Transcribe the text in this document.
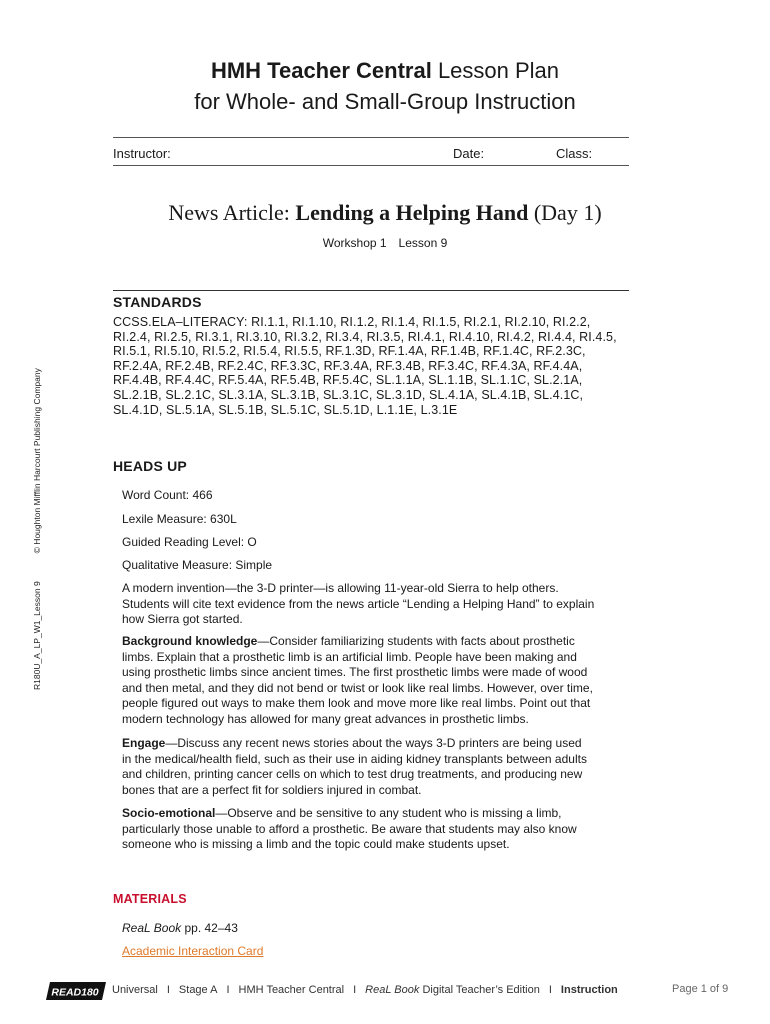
HMH Teacher Central Lesson Plan
for Whole- and Small-Group Instruction
Instructor:	Date:	Class:
News Article: Lending a Helping Hand (Day 1)
Workshop 1 Lesson 9
STANDARDS
CCSS.ELA–LITERACY: RI.1.1, RI.1.10, RI.1.2, RI.1.4, RI.1.5, RI.2.1, RI.2.10, RI.2.2,
RI.2.4, RI.2.5, RI.3.1, RI.3.10, RI.3.2, RI.3.4, RI.3.5, RI.4.1, RI.4.10, RI.4.2, RI.4.4, RI.4.5,
RI.5.1, RI.5.10, RI.5.2, RI.5.4, RI.5.5, RF.1.3D, RF.1.4A, RF.1.4B, RF.1.4C, RF.2.3C,
RF.2.4A, RF.2.4B, RF.2.4C, RF.3.3C, RF.3.4A, RF.3.4B, RF.3.4C, RF.4.3A, RF.4.4A,
RF.4.4B, RF.4.4C, RF.5.4A, RF.5.4B, RF.5.4C, SL.1.1A, SL.1.1B, SL.1.1C, SL.2.1A,
SL.2.1B, SL.2.1C, SL.3.1A, SL.3.1B, SL.3.1C, SL.3.1D, SL.4.1A, SL.4.1B, SL.4.1C,
SL.4.1D, SL.5.1A, SL.5.1B, SL.5.1C, SL.5.1D, L.1.1E, L.3.1E
HEADS UP
Word Count: 466
Lexile Measure: 630L
Guided Reading Level: O
Qualitative Measure: Simple
A modern invention—the 3-D printer—is allowing 11-year-old Sierra to help others.
Students will cite text evidence from the news article “Lending a Helping Hand” to explain
how Sierra got started.
Background knowledge—Consider familiarizing students with facts about prosthetic
limbs. Explain that a prosthetic limb is an artificial limb. People have been making and
using prosthetic limbs since ancient times. The first prosthetic limbs were made of wood
and then metal, and they did not bend or twist or look like real limbs. However, over time,
people figured out ways to make them look and move more like real limbs. Point out that
modern technology has allowed for many great advances in prosthetic limbs.
Engage—Discuss any recent news stories about the ways 3-D printers are being used
in the medical/health field, such as their use in aiding kidney transplants between adults
and children, printing cancer cells on which to test drug treatments, and producing new
bones that are a perfect fit for soldiers injured in combat.
Socio-emotional—Observe and be sensitive to any student who is missing a limb,
particularly those unable to afford a prosthetic. Be aware that students may also know
someone who is missing a limb and the topic could make students upset.
MATERIALS
ReaL Book pp. 42–43
Academic Interaction Card
R180U_A_LP_W1_Lesson 9© Houghton Mifflin Harcourt Publishing Company
READ180 Universal I Stage A I HMH Teacher Central I ReaL Book Digital Teacher’s Edition I Instruction	Page 1 of 9
